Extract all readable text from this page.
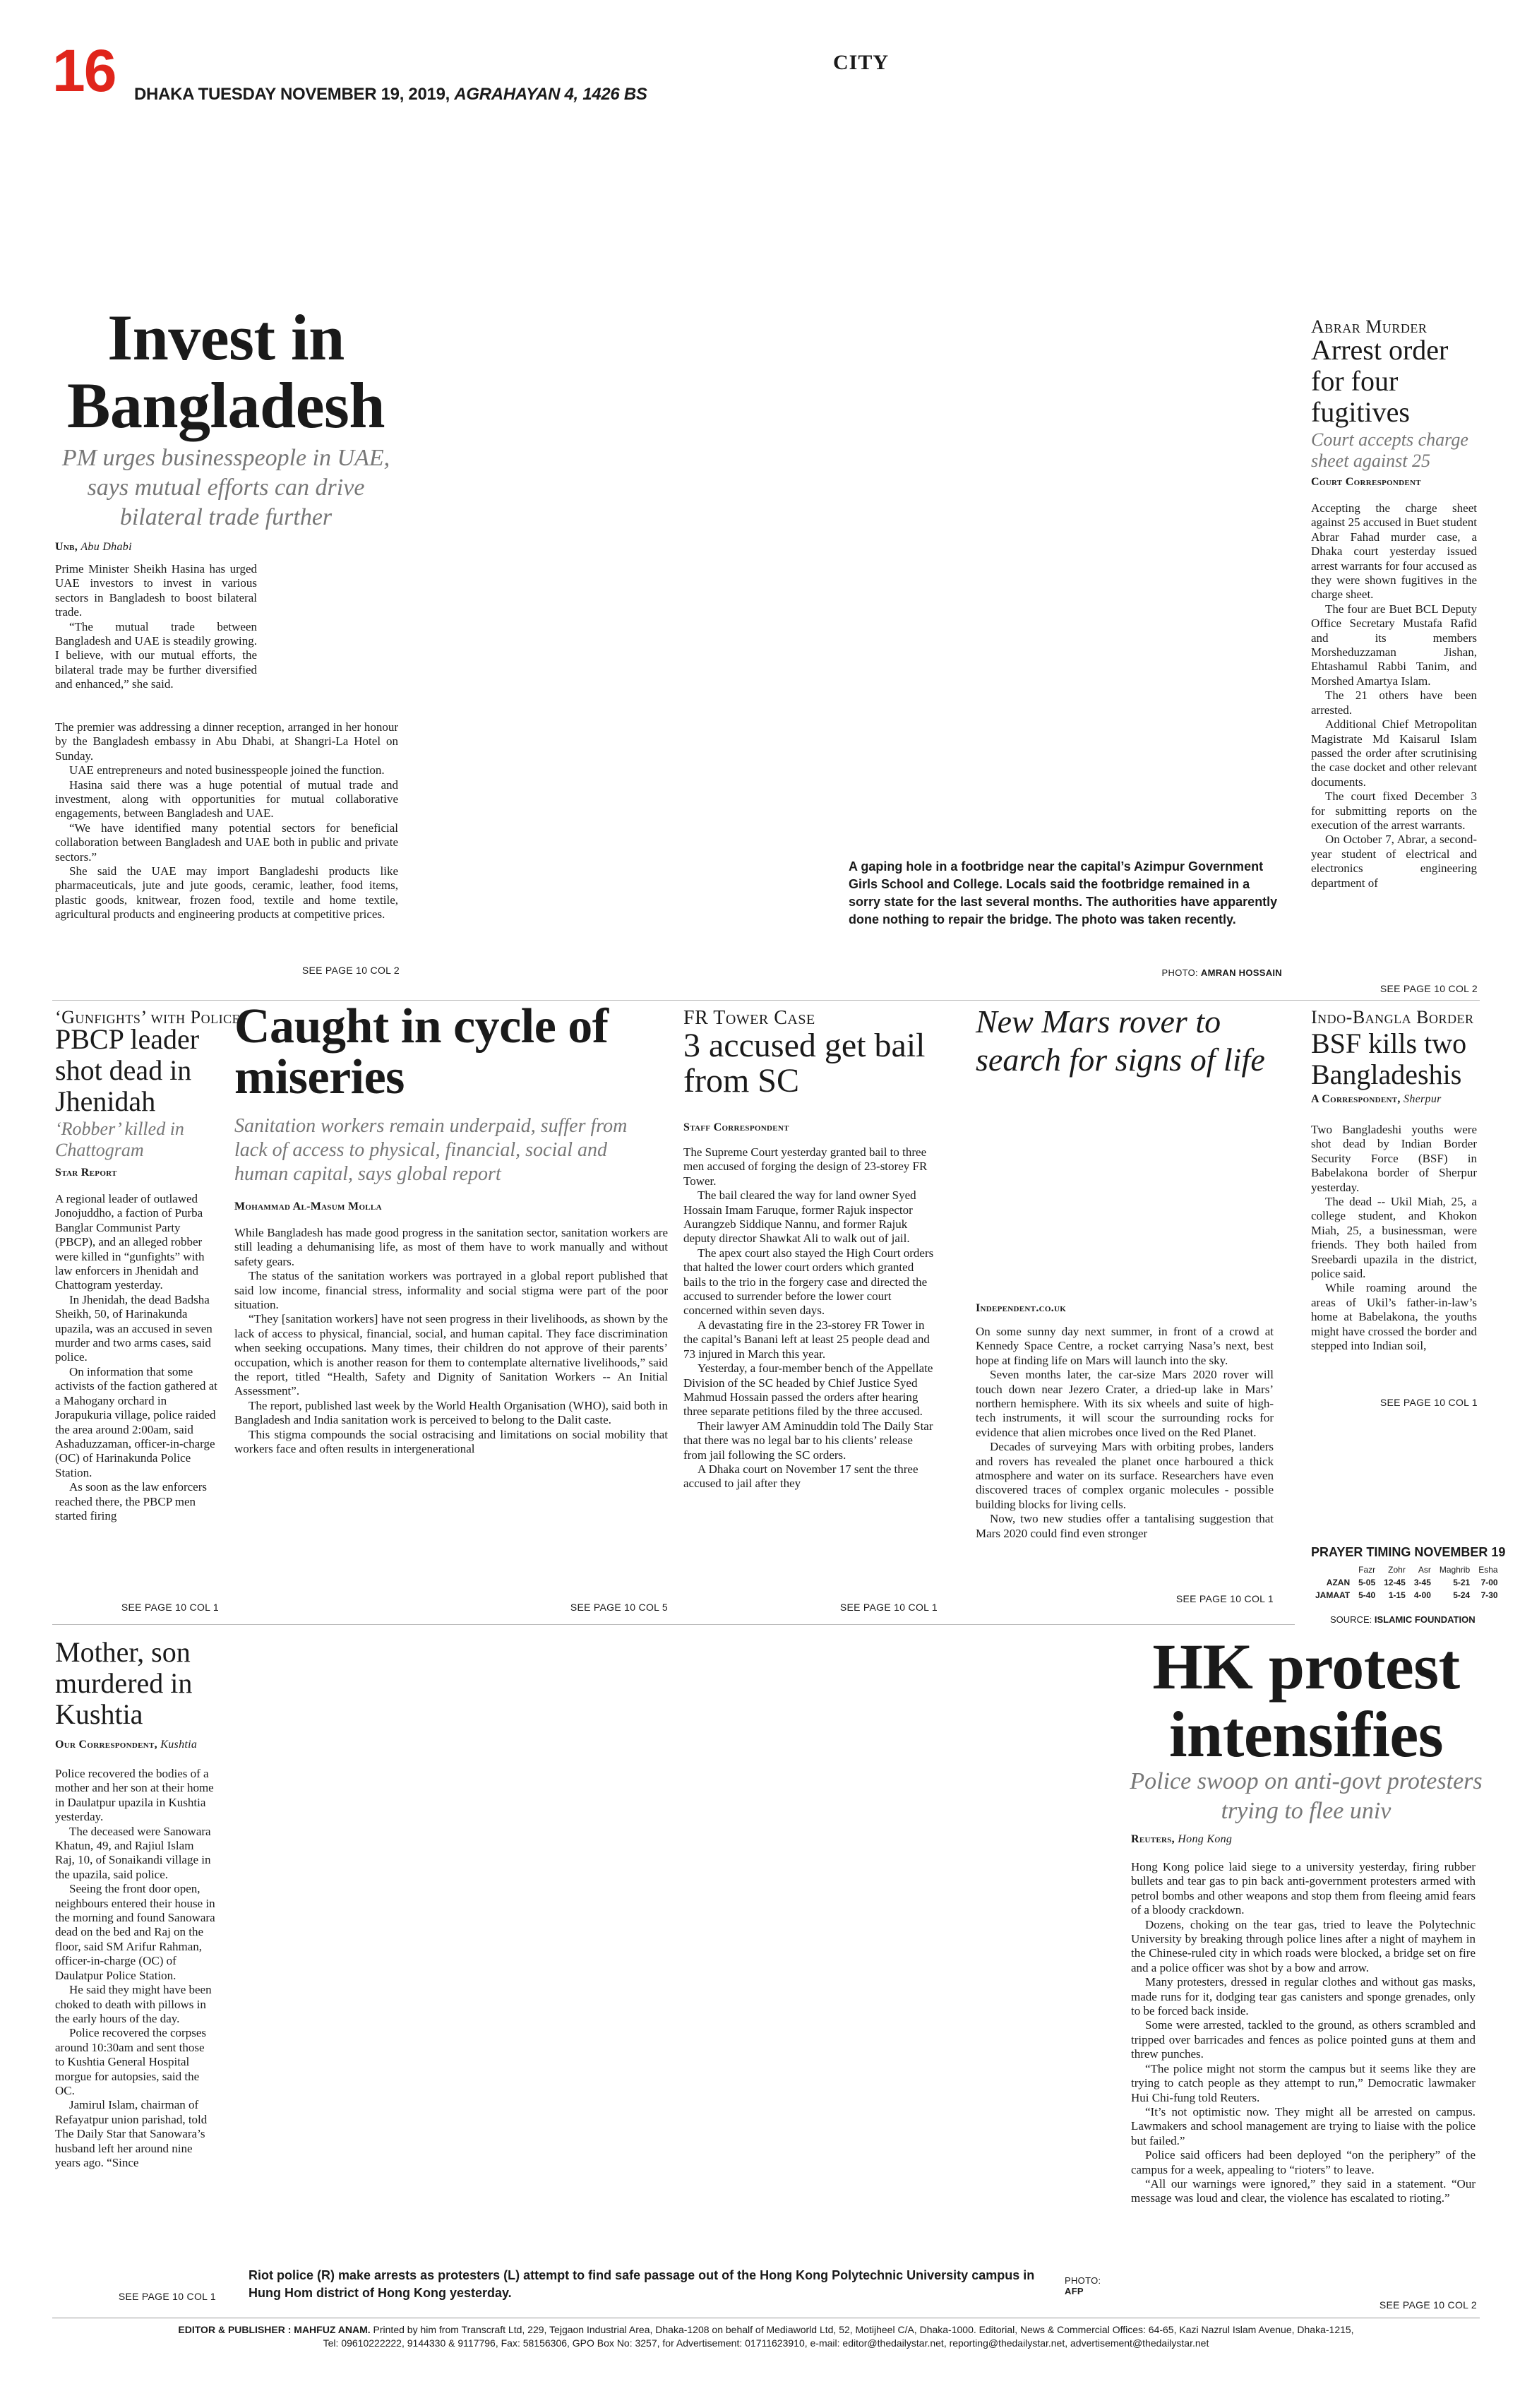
16 DHAKA TUESDAY NOVEMBER 19, 2019, AGRAHAYAN 4, 1426 BS
CITY
Invest in
Bangladesh
PM urges businesspeople in UAE, says mutual efforts can drive bilateral trade further
Unb, Abu Dhabi

Prime Minister Sheikh Hasina has urged UAE investors to invest in various sectors in Bangladesh to boost bilateral trade.

“The mutual trade between Bangladesh and UAE is steadily growing. I believe, with our mutual efforts, the bilateral trade may be further diversified and enhanced,” she said.

The premier was addressing a dinner reception, arranged in her honour by the Bangladesh embassy in Abu Dhabi, at Shangri-La Hotel on Sunday.

UAE entrepreneurs and noted businesspeople joined the function.

Hasina said there was a huge potential of mutual trade and investment, along with opportunities for mutual collaborative engagements, between Bangladesh and UAE.

“We have identified many potential sectors for beneficial collaboration between Bangladesh and UAE both in public and private sectors.”

She said the UAE may import Bangladeshi products like pharmaceuticals, jute and jute goods, ceramic, leather, food items, plastic goods, knitwear, frozen food, textile and home textile, agricultural products and engineering products at competitive prices.

SEE PAGE 10 COL 2
A gaping hole in a footbridge near the capital’s Azimpur Government Girls School and College. Locals said the footbridge remained in a sorry state for the last several months. The authorities have apparently done nothing to repair the bridge. The photo was taken recently.
PHOTO: AMRAN HOSSAIN
Abrar Murder
Arrest order for four fugitives
Court accepts charge sheet against 25
Court Correspondent

Accepting the charge sheet against 25 accused in Buet student Abrar Fahad murder case, a Dhaka court yesterday issued arrest warrants for four accused as they were shown fugitives in the charge sheet.

The four are Buet BCL Deputy Office Secretary Mustafa Rafid and its members Morsheduzzaman Jishan, Ehtashamul Rabbi Tanim, and Morshed Amartya Islam.

The 21 others have been arrested.

Additional Chief Metropolitan Magistrate Md Kaisarul Islam passed the order after scrutinising the case docket and other relevant documents.

The court fixed December 3 for submitting reports on the execution of the arrest warrants.

On October 7, Abrar, a second-year student of electrical and electronics engineering department of

SEE PAGE 10 COL 2
‘Gunfights’ with Police
PBCP leader shot dead in Jhenidah
‘Robber’ killed in Chattogram
Star Report

A regional leader of outlawed Jonojuddho, a faction of Purba Banglar Communist Party (PBCP), and an alleged robber were killed in “gunfights” with law enforcers in Jhenidah and Chattogram yesterday.

In Jhenidah, the dead Badsha Sheikh, 50, of Harinakunda upazila, was an accused in seven murder and two arms cases, said police.

On information that some activists of the faction gathered at a Mahogany orchard in Jorapukuria village, police raided the area around 2:00am, said Ashaduzzaman, officer-in-charge (OC) of Harinakunda Police Station.

As soon as the law enforcers reached there, the PBCP men started firing

SEE PAGE 10 COL 1
Caught in cycle of miseries
Sanitation workers remain underpaid, suffer from lack of access to physical, financial, social and human capital, says global report
Mohammad Al-Masum Molla

While Bangladesh has made good progress in the sanitation sector, sanitation workers are still leading a dehumanising life, as most of them have to work manually and without safety gears.

The status of the sanitation workers was portrayed in a global report published that said low income, financial stress, informality and social stigma were part of the poor situation.

“They [sanitation workers] have not seen progress in their livelihoods, as shown by the lack of access to physical, financial, social, and human capital. They face discrimination when seeking occupations. Many times, their children do not approve of their parents’ occupation, which is another reason for them to contemplate alternative livelihoods,” said the report, titled “Health, Safety and Dignity of Sanitation Workers -- An Initial Assessment”.

The report, published last week by the World Health Organisation (WHO), said both in Bangladesh and India sanitation work is perceived to belong to the Dalit caste.

This stigma compounds the social ostracising and limitations on social mobility that workers face and often results in intergenerational

SEE PAGE 10 COL 5
FR Tower Case
3 accused get bail from SC
Staff Correspondent

The Supreme Court yesterday granted bail to three men accused of forging the design of 23-storey FR Tower.

The bail cleared the way for land owner Syed Hossain Imam Faruque, former Rajuk inspector Aurangzeb Siddique Nannu, and former Rajuk deputy director Shawkat Ali to walk out of jail.

The apex court also stayed the High Court orders that halted the lower court orders which granted bails to the trio in the forgery case and directed the accused to surrender before the lower court concerned within seven days.

A devastating fire in the 23-storey FR Tower in the capital’s Banani left at least 25 people dead and 73 injured in March this year.

Yesterday, a four-member bench of the Appellate Division of the SC headed by Chief Justice Syed Mahmud Hossain passed the orders after hearing three separate petitions filed by the three accused.

Their lawyer AM Aminuddin told The Daily Star that there was no legal bar to his clients’ release from jail following the SC orders.

A Dhaka court on November 17 sent the three accused to jail after they

SEE PAGE 10 COL 1
New Mars rover to search for signs of life
Independent.co.uk

On some sunny day next summer, in front of a crowd at Kennedy Space Centre, a rocket carrying Nasa’s next, best hope at finding life on Mars will launch into the sky.

Seven months later, the car-size Mars 2020 rover will touch down near Jezero Crater, a dried-up lake in Mars’ northern hemisphere. With its six wheels and suite of high-tech instruments, it will scour the surrounding rocks for evidence that alien microbes once lived on the Red Planet.

Decades of surveying Mars with orbiting probes, landers and rovers has revealed the planet once harboured a thick atmosphere and water on its surface. Researchers have even discovered traces of complex organic molecules - possible building blocks for living cells.

Now, two new studies offer a tantalising suggestion that Mars 2020 could find even stronger

SEE PAGE 10 COL 1
Indo-Bangla Border
BSF kills two Bangladeshis
A Correspondent, Sherpur

Two Bangladeshi youths were shot dead by Indian Border Security Force (BSF) in Babelakona border of Sherpur yesterday.

The dead -- Ukil Miah, 25, a college student, and Khokon Miah, 25, a businessman, were friends. They both hailed from Sreebardi upazila in the district, police said.

While roaming around the areas of Ukil’s father-in-law’s home at Babelakona, the youths might have crossed the border and stepped into Indian soil,

SEE PAGE 10 COL 1
PRAYER TIMING NOVEMBER 19
	Fazr	Zohr	Asr	Maghrib	Esha
AZAN	5-05	12-45	3-45	5-21	7-00
JAMAAT	5-40	1-15	4-00	5-24	7-30
SOURCE: ISLAMIC FOUNDATION
Mother, son murdered in Kushtia
Our Correspondent, Kushtia

Police recovered the bodies of a mother and her son at their home in Daulatpur upazila in Kushtia yesterday.

The deceased were Sanowara Khatun, 49, and Rajiul Islam Raj, 10, of Sonaikandi village in the upazila, said police.

Seeing the front door open, neighbours entered their house in the morning and found Sanowara dead on the bed and Raj on the floor, said SM Arifur Rahman, officer-in-charge (OC) of Daulatpur Police Station.

He said they might have been choked to death with pillows in the early hours of the day.

Police recovered the corpses around 10:30am and sent those to Kushtia General Hospital morgue for autopsies, said the OC.

Jamirul Islam, chairman of Refayatpur union parishad, told The Daily Star that Sanowara’s husband left her around nine years ago. “Since

SEE PAGE 10 COL 1
Riot police (R) make arrests as protesters (L) attempt to find safe passage out of the Hong Kong Polytechnic University campus in Hung Hom district of Hong Kong yesterday.
PHOTO:
AFP
HK protest
intensifies
Police swoop on anti-govt protesters trying to flee univ
Reuters, Hong Kong

Hong Kong police laid siege to a university yesterday, firing rubber bullets and tear gas to pin back anti-government protesters armed with petrol bombs and other weapons and stop them from fleeing amid fears of a bloody crackdown.

Dozens, choking on the tear gas, tried to leave the Polytechnic University by breaking through police lines after a night of mayhem in the Chinese-ruled city in which roads were blocked, a bridge set on fire and a police officer was shot by a bow and arrow.

Many protesters, dressed in regular clothes and without gas masks, made runs for it, dodging tear gas canisters and sponge grenades, only to be forced back inside.

Some were arrested, tackled to the ground, as others scrambled and tripped over barricades and fences as police pointed guns at them and threw punches.

“The police might not storm the campus but it seems like they are trying to catch people as they attempt to run,” Democratic lawmaker Hui Chi-fung told Reuters.

“It’s not optimistic now. They might all be arrested on campus. Lawmakers and school management are trying to liaise with the police but failed.”

Police said officers had been deployed “on the periphery” of the campus for a week, appealing to “rioters” to leave.

“All our warnings were ignored,” they said in a statement. “Our message was loud and clear, the violence has escalated to rioting.”

SEE PAGE 10 COL 2
EDITOR & PUBLISHER : MAHFUZ ANAM. Printed by him from Transcraft Ltd, 229, Tejgaon Industrial Area, Dhaka-1208 on behalf of Mediaworld Ltd, 52, Motijheel C/A, Dhaka-1000. Editorial, News & Commercial Offices: 64-65, Kazi Nazrul Islam Avenue, Dhaka-1215,
Tel: 09610222222, 9144330 & 9117796, Fax: 58156306, GPO Box No: 3257, for Advertisement: 01711623910, e-mail: editor@thedailystar.net, reporting@thedailystar.net, advertisement@thedailystar.net
